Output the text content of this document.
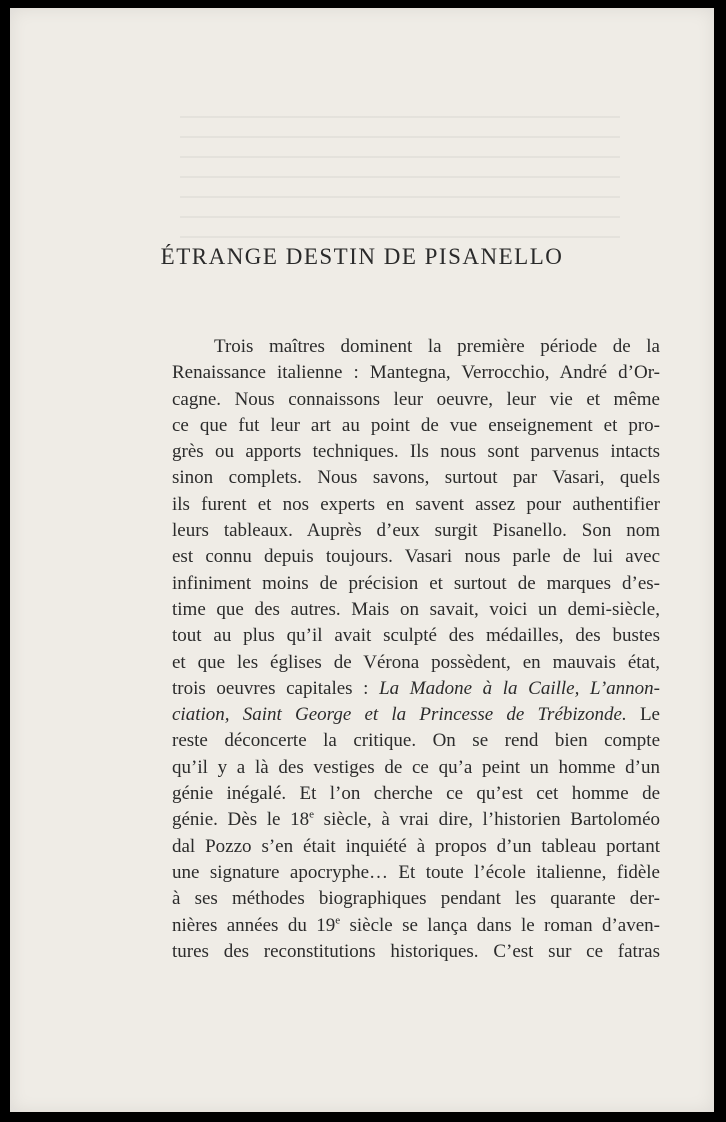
ÉTRANGE DESTIN DE PISANELLO
Trois maîtres dominent la première période de la
Renaissance italienne : Mantegna, Verrocchio, André d’Or-
cagne. Nous connaissons leur oeuvre, leur vie et même
ce que fut leur art au point de vue enseignement et pro-
grès ou apports techniques. Ils nous sont parvenus intacts
sinon complets. Nous savons, surtout par Vasari, quels
ils furent et nos experts en savent assez pour authentifier
leurs tableaux. Auprès d’eux surgit Pisanello. Son nom
est connu depuis toujours. Vasari nous parle de lui avec
infiniment moins de précision et surtout de marques d’es-
time que des autres. Mais on savait, voici un demi-siècle,
tout au plus qu’il avait sculpté des médailles, des bustes
et que les églises de Vérona possèdent, en mauvais état,
trois oeuvres capitales : La Madone à la Caille, L’annon-
ciation, Saint George et la Princesse de Trébizonde. Le
reste déconcerte la critique. On se rend bien compte
qu’il y a là des vestiges de ce qu’a peint un homme d’un
génie inégalé. Et l’on cherche ce qu’est cet homme de
génie. Dès le 18e siècle, à vrai dire, l’historien Bartoloméo
dal Pozzo s’en était inquiété à propos d’un tableau portant
une signature apocryphe… Et toute l’école italienne, fidèle
à ses méthodes biographiques pendant les quarante der-
nières années du 19e siècle se lança dans le roman d’aven-
tures des reconstitutions historiques. C’est sur ce fatras
